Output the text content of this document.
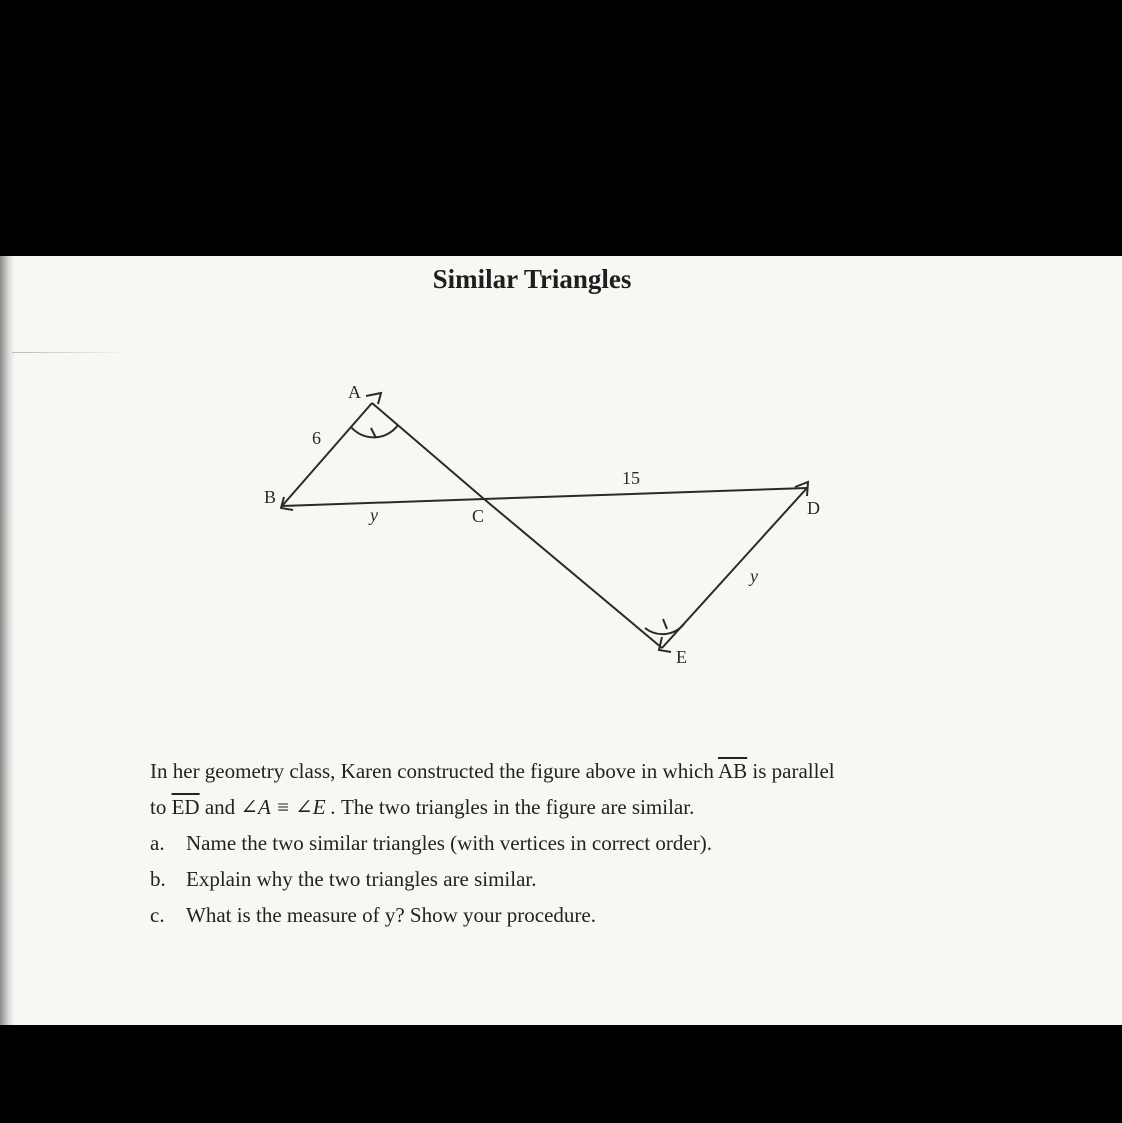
Similar Triangles
A
B
C	D
E
6
y
15
y

In her geometry class, Karen constructed the figure above in which $\overline{AB}$ is parallel

to $\overline{ED}$ and ∠A ≡ ∠E . The two triangles in the figure are similar.

a. Name the two similar triangles (with vertices in correct order).

b. Explain why the two triangles are similar.

c. What is the measure of y? Show your procedure.
